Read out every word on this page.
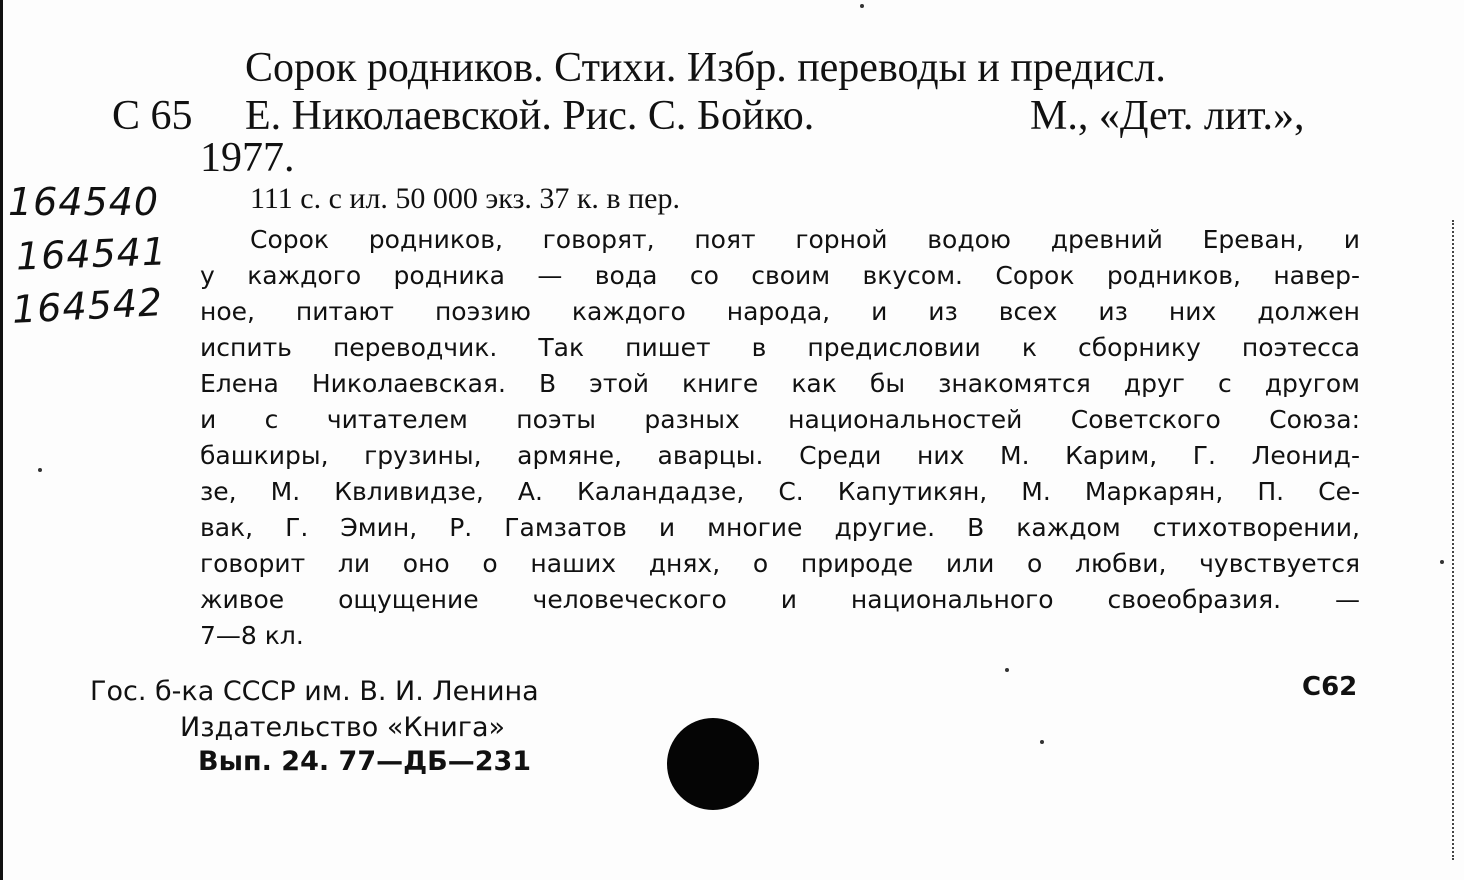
Сорок родников. Стихи. Избр. переводы и предисл.
С 65 Е. Николаевской. Рис. С. Бойко.	М., «Дет. лит.»,
1977.
164540
164541
164542
111 с. с ил. 50 000 экз. 37 к. в пер.
Сорок родников, говорят, поят горной водою древний Ереван, и
у каждого родника — вода со своим вкусом. Сорок родников, навер-
ное, питают поэзию каждого народа, и из всех из них должен
испить переводчик. Так пишет в предисловии к сборнику поэтесса
Елена Николаевская. В этой книге как бы знакомятся друг с другом
и с читателем поэты разных национальностей Советского Союза:
башкиры, грузины, армяне, аварцы. Среди них М. Карим, Г. Леонид-
зе, М. Квливидзе, А. Каландадзе, С. Капутикян, М. Маркарян, П. Се-
вак, Г. Эмин, Р. Гамзатов и многие другие. В каждом стихотворении,
говорит ли оно о наших днях, о природе или о любви, чувствуется
живое ощущение человеческого и национального своеобразия. —
7—8 кл.
Гос. б-ка СССР им. В. И. Ленина
Издательство «Книга»
Вып. 24. 77—ДБ—231
С62
